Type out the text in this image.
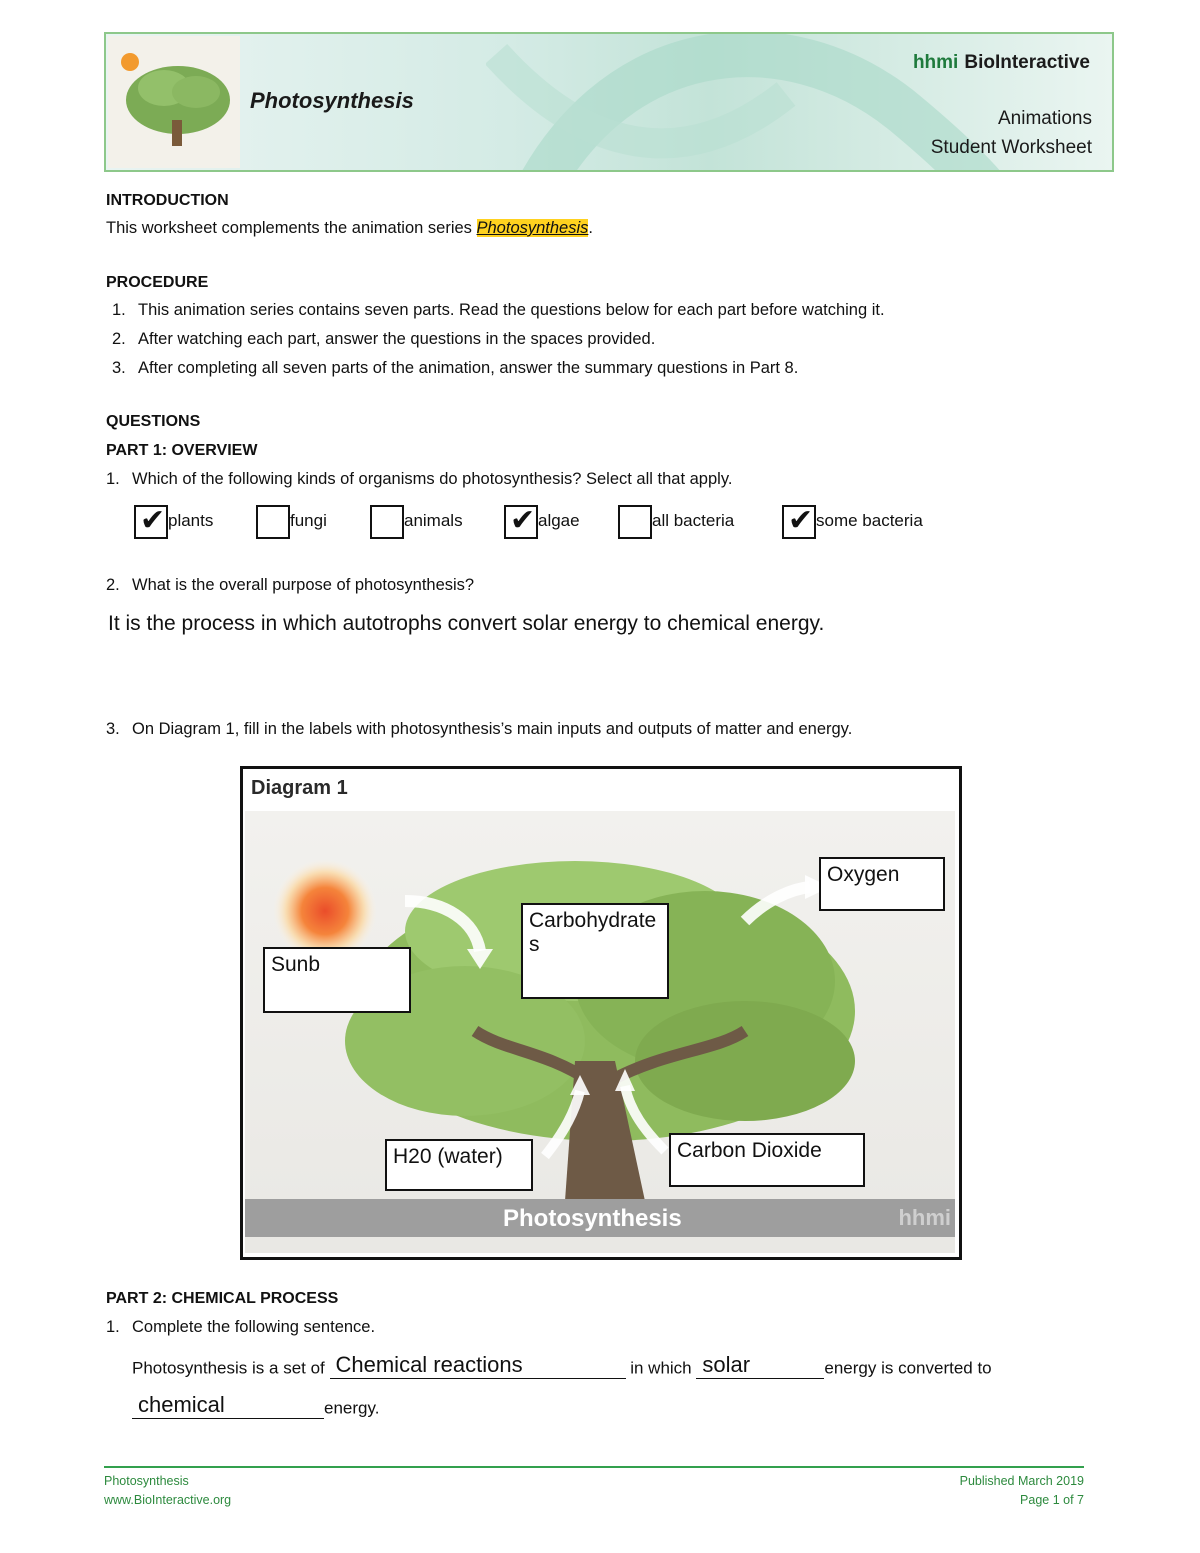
Photosynthesis
hhmi BioInteractive
Animations
Student Worksheet
INTRODUCTION
This worksheet complements the animation series Photosynthesis.
PROCEDURE
1. This animation series contains seven parts. Read the questions below for each part before watching it.
2. After watching each part, answer the questions in the spaces provided.
3. After completing all seven parts of the animation, answer the summary questions in Part 8.
QUESTIONS
PART 1: OVERVIEW
1. Which of the following kinds of organisms do photosynthesis? Select all that apply.
✔ plants	fungi	animals ✔ algae	all bacteria ✔ some bacteria
2. What is the overall purpose of photosynthesis?
It is the process in which autotrophs convert solar energy to chemical energy.
3. On Diagram 1, fill in the labels with photosynthesis’s main inputs and outputs of matter and energy.
Diagram 1
Photosynthesis	hhmi
Sunb
Carbohydrate
s
Oxygen
H20 (water)	Carbon Dioxide
PART 2: CHEMICAL PROCESS
1. Complete the following sentence.
Photosynthesis is a set of Chemical reactions	in which solar	energy is converted to
chemical	energy.
Photosynthesis
www.BioInteractive.org
Published March 2019
Page 1 of 7
